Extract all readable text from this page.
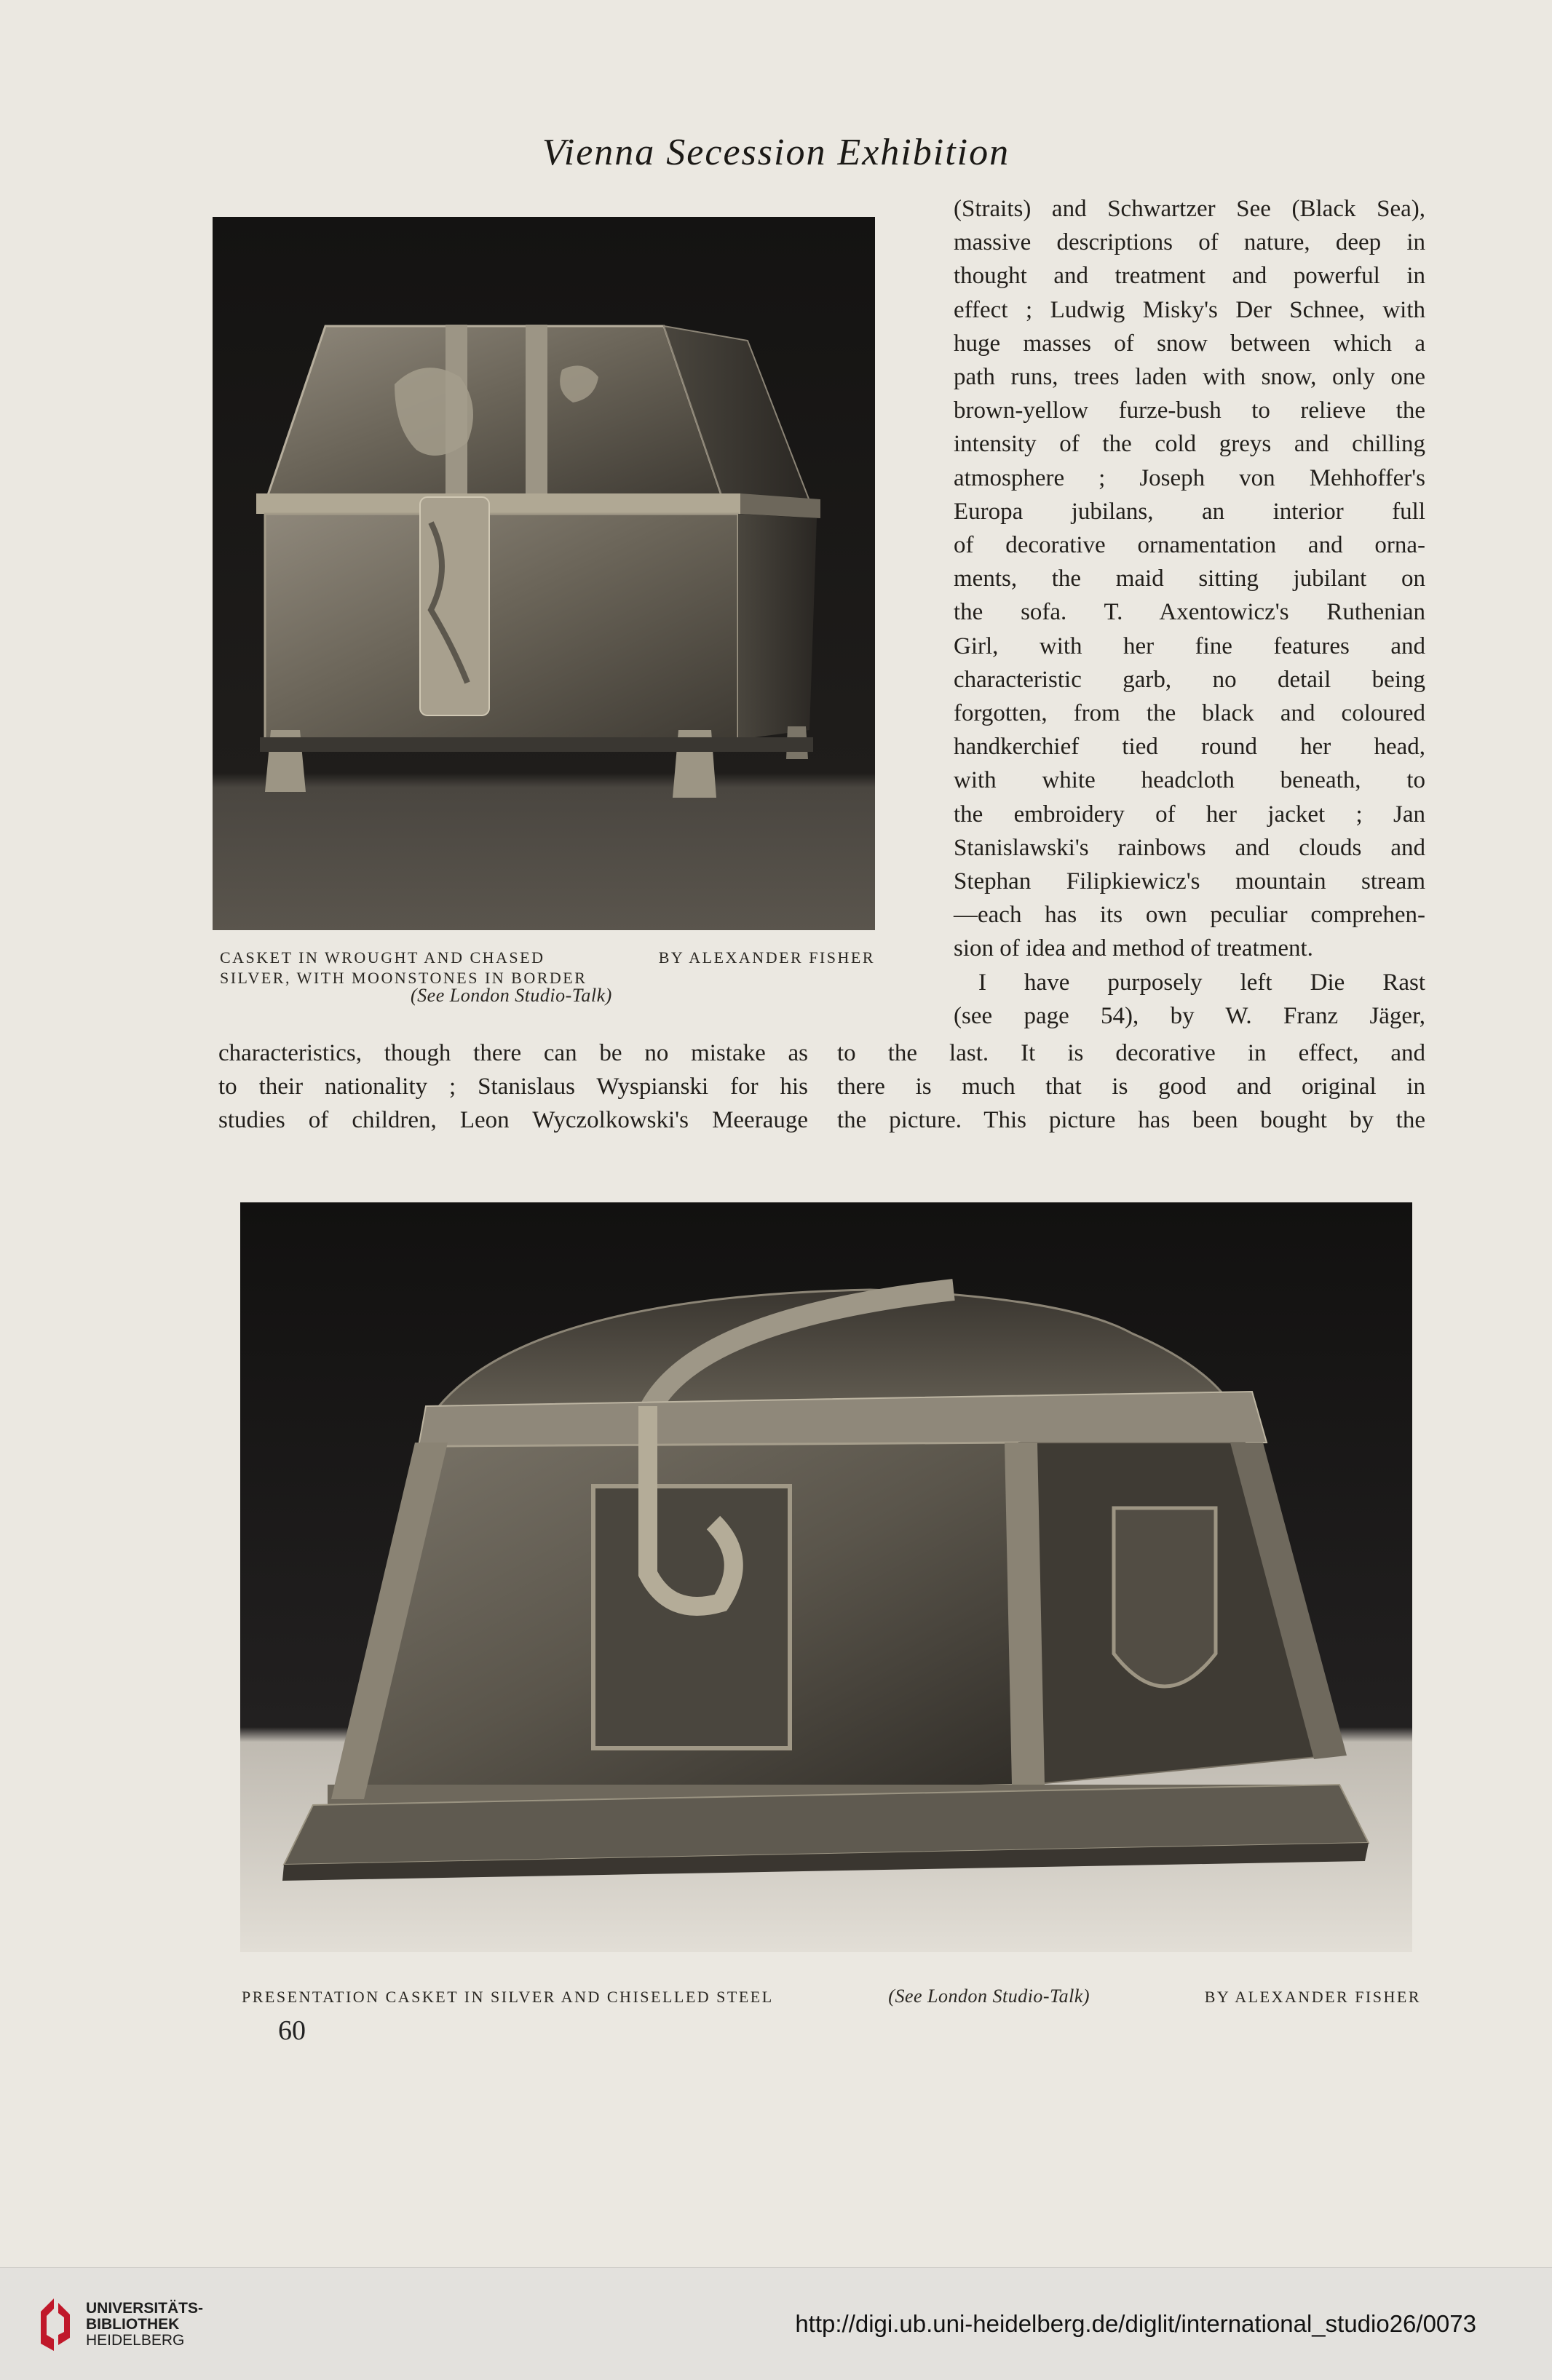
Vienna Secession Exhibition
CASKET IN WROUGHT AND CHASED	BY ALEXANDER FISHER
SILVER, WITH MOONSTONES IN BORDER
(See London Studio-Talk)
(Straits) and Schwartzer See (Black Sea),
massive descriptions of nature, deep in
thought and treatment and powerful in
effect ; Ludwig Misky's Der Schnee, with
huge masses of snow between which a
path runs, trees laden with snow, only one
brown-yellow furze-bush to relieve the
intensity of the cold greys and chilling
atmosphere ; Joseph von Mehhoffer's
Europa jubilans, an interior full
of decorative ornamentation and orna-
ments, the maid sitting jubilant on
the sofa. T. Axentowicz's Ruthenian
Girl, with her fine features and
characteristic garb, no detail being
forgotten, from the black and coloured
handkerchief tied round her head,
with white headcloth beneath, to
the embroidery of her jacket ; Jan
Stanislawski's rainbows and clouds and
Stephan Filipkiewicz's mountain stream
—each has its own peculiar comprehen-
sion of idea and method of treatment.
I have purposely left Die Rast
(see page 54), by W. Franz Jäger,
characteristics, though there can be no mistake as
to their nationality ; Stanislaus Wyspianski for his
studies of children, Leon Wyczolkowski's Meerauge
to the last. It is decorative in effect, and
there is much that is good and original in
the picture. This picture has been bought by the
PRESENTATION CASKET IN SILVER AND CHISELLED STEEL	(See London Studio-Talk)	BY ALEXANDER FISHER
60
UNIVERSITÄTS-
BIBLIOTHEK
HEIDELBERG
http://digi.ub.uni-heidelberg.de/diglit/international_studio26/0073
